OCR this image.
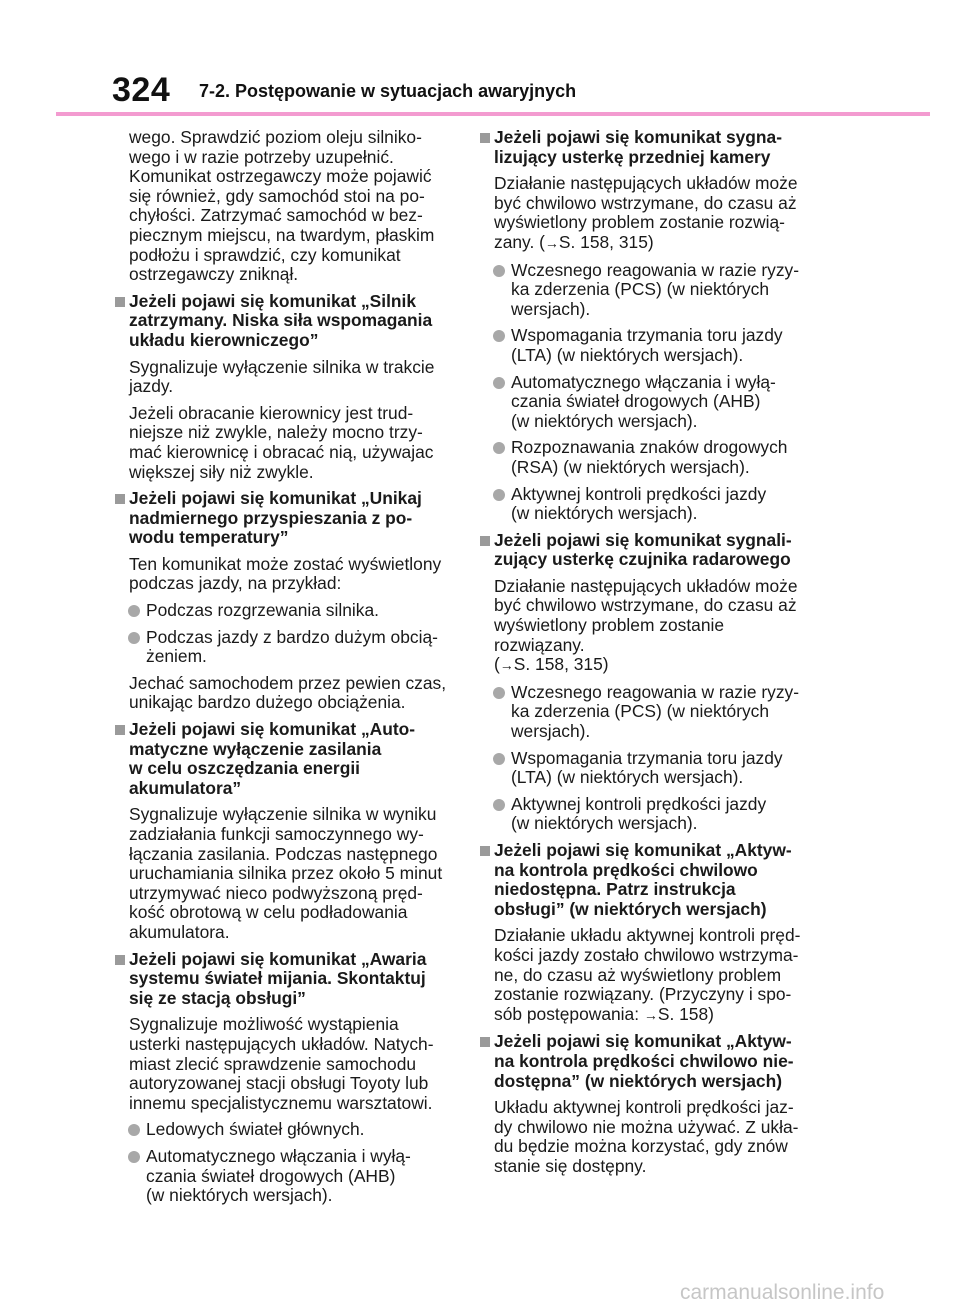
324 7-2. Postępowanie w sytuacjach awaryjnych
wego. Sprawdzić poziom oleju silniko-
wego i w razie potrzeby uzupełnić.
Komunikat ostrzegawczy może pojawić
się również, gdy samochód stoi na po-
chyłości. Zatrzymać samochód w bez-
piecznym miejscu, na twardym, płaskim
podłożu i sprawdzić, czy komunikat
ostrzegawczy zniknął.
Jeżeli pojawi się komunikat „Silnik
zatrzymany. Niska siła wspomagania
układu kierowniczego”
Sygnalizuje wyłączenie silnika w trakcie
jazdy.
Jeżeli obracanie kierownicy jest trud-
niejsze niż zwykle, należy mocno trzy-
mać kierownicę i obracać nią, używajac
większej siły niż zwykle.
Jeżeli pojawi się komunikat „Unikaj
nadmiernego przyspieszania z po-
wodu temperatury”
Ten komunikat może zostać wyświetlony
podczas jazdy, na przykład:
Podczas rozgrzewania silnika.
Podczas jazdy z bardzo dużym obcią-
żeniem.
Jechać samochodem przez pewien czas,
unikając bardzo dużego obciążenia.
Jeżeli pojawi się komunikat „Auto-
matyczne wyłączenie zasilania
w celu oszczędzania energii
akumulatora”
Sygnalizuje wyłączenie silnika w wyniku
zadziałania funkcji samoczynnego wy-
łączania zasilania. Podczas następnego
uruchamiania silnika przez około 5 minut
utrzymywać nieco podwyższoną pręd-
kość obrotową w celu podładowania
akumulatora.
Jeżeli pojawi się komunikat „Awaria
systemu świateł mijania. Skontaktuj
się ze stacją obsługi”
Sygnalizuje możliwość wystąpienia
usterki następujących układów. Natych-
miast zlecić sprawdzenie samochodu
autoryzowanej stacji obsługi Toyoty lub
innemu specjalistycznemu warsztatowi.
Ledowych świateł głównych.
Automatycznego włączania i wyłą-
czania świateł drogowych (AHB)
(w niektórych wersjach).
Jeżeli pojawi się komunikat sygna-
lizujący usterkę przedniej kamery
Działanie następujących układów może
być chwilowo wstrzymane, do czasu aż
wyświetlony problem zostanie rozwią-
zany. (→S. 158, 315)
Wczesnego reagowania w razie ryzy-
ka zderzenia (PCS) (w niektórych
wersjach).
Wspomagania trzymania toru jazdy
(LTA) (w niektórych wersjach).
Automatycznego włączania i wyłą-
czania świateł drogowych (AHB)
(w niektórych wersjach).
Rozpoznawania znaków drogowych
(RSA) (w niektórych wersjach).
Aktywnej kontroli prędkości jazdy
(w niektórych wersjach).
Jeżeli pojawi się komunikat sygnali-
zujący usterkę czujnika radarowego
Działanie następujących układów może
być chwilowo wstrzymane, do czasu aż
wyświetlony problem zostanie rozwiązany.
(→S. 158, 315)
Wczesnego reagowania w razie ryzy-
ka zderzenia (PCS) (w niektórych
wersjach).
Wspomagania trzymania toru jazdy
(LTA) (w niektórych wersjach).
Aktywnej kontroli prędkości jazdy
(w niektórych wersjach).
Jeżeli pojawi się komunikat „Aktyw-
na kontrola prędkości chwilowo
niedostępna. Patrz instrukcja
obsługi” (w niektórych wersjach)
Działanie układu aktywnej kontroli pręd-
kości jazdy zostało chwilowo wstrzyma-
ne, do czasu aż wyświetlony problem
zostanie rozwiązany. (Przyczyny i spo-
sób postępowania: →S. 158)
Jeżeli pojawi się komunikat „Aktyw-
na kontrola prędkości chwilowo nie-
dostępna” (w niektórych wersjach)
Układu aktywnej kontroli prędkości jaz-
dy chwilowo nie można używać. Z ukła-
du będzie można korzystać, gdy znów
stanie się dostępny.
carmanualsonline.info
